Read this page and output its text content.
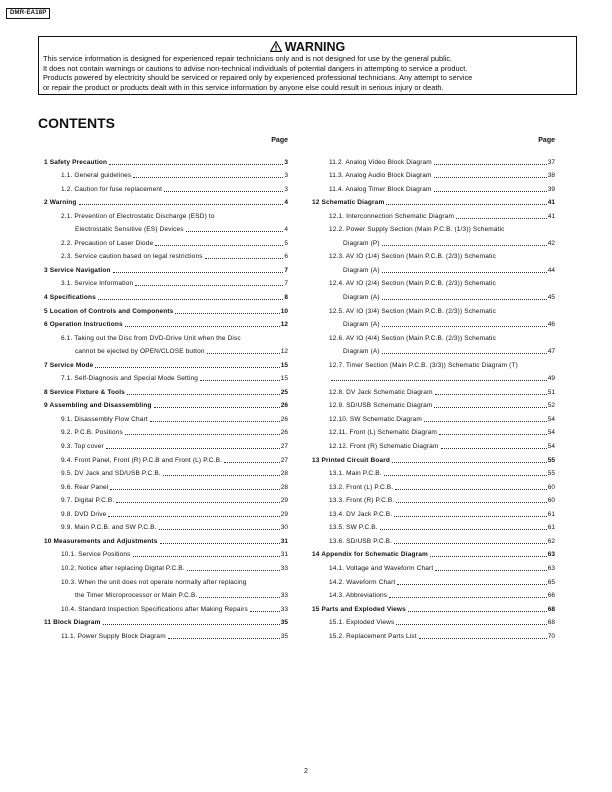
DMR-EA18P
WARNING
This service information is designed for experienced repair technicians only and is not designed for use by the general public.
It does not contain warnings or cautions to advise non-technical individuals of potential dangers in attempting to service a product.
Products powered by electricity should be serviced or repaired only by experienced professional technicians. Any attempt to service
or repair the product or products dealt with in this service information by anyone else could result in serious injury or death.
CONTENTS
Page
1 Safety Precaution	3
1.1. General guidelines	3
1.2. Caution for fuse replacement	3
2 Warning	4
2.1. Prevention of Electrostatic Discharge (ESD) to
Electrostatic Sensitive (ES) Devices	4
2.2. Precaution of Laser Diode	5
2.3. Service caution based on legal restrictions	6
3 Service Navigation	7
3.1. Service Information	7
4 Specifications	8
5 Location of Controls and Components	10
6 Operation Instructions	12
6.1. Taking out the Disc from DVD-Drive Unit when the Disc
cannot be ejected by OPEN/CLOSE button	12
7 Service Mode	15
7.1. Self-Diagnosis and Special Mode Setting	15
8 Service Fixture & Tools	25
9 Assembling and Disassembling	26
9.1. Disassembly Flow Chart	26
9.2. P.C.B. Positions	26
9.3. Top cover	27
9.4. Front Panel, Front (R) P.C.B and Front (L) P.C.B.	27
9.5. DV Jack and SD/USB P.C.B.	28
9.6. Rear Panel	28
9.7. Digital P.C.B.	29
9.8. DVD Drive	29
9.9. Main P.C.B. and SW P.C.B.	30
10 Measurements and Adjustments	31
10.1. Service Positions	31
10.2. Notice after replacing Digital P.C.B.	33
10.3. When the unit does not operate normally after replacing
the Timer Microprocessor or Main P.C.B.	33
10.4. Standard Inspection Specifications after Making Repairs	33
11 Block Diagram	35
11.1. Power Supply Block Diagram	35
Page
11.2. Analog Video Block Diagram	37
11.3. Analog Audio Block Diagram	38
11.4. Analog Timer Block Diagram	39
12 Schematic Diagram	41
12.1. Interconnection Schematic Diagram	41
12.2. Power Supply Section (Main P.C.B. (1/3)) Schematic
Diagram (P)	42
12.3. AV IO (1/4) Section (Main P.C.B. (2/3)) Schematic
Diagram (A)	44
12.4. AV IO (2/4) Section (Main P.C.B. (2/3)) Schematic
Diagram (A)	45
12.5. AV IO (3/4) Section (Main P.C.B. (2/3)) Schematic
Diagram (A)	46
12.6. AV IO (4/4) Section (Main P.C.B. (2/3)) Schematic
Diagram (A)	47
12.7. Timer Section (Main P.C.B. (3/3)) Schematic Diagram (T)
49
12.8. DV Jack Schematic Diagram	51
12.9. SD/USB Schematic Diagram	52
12.10. SW Schematic Diagram	54
12.11. Front (L) Schematic Diagram	54
12.12. Front (R) Schematic Diagram	54
13 Printed Circuit Board	55
13.1. Main P.C.B.	55
13.2. Front (L) P.C.B.	60
13.3. Front (R) P.C.B.	60
13.4. DV Jack P.C.B.	61
13.5. SW P.C.B.	61
13.6. SD/USB P.C.B.	62
14 Appendix for Schematic Diagram	63
14.1. Voltage and Waveform Chart	63
14.2. Waveform Chart	65
14.3. Abbreviations	66
15 Parts and Exploded Views	68
15.1. Exploded Views	68
15.2. Replacement Parts List	70
2
